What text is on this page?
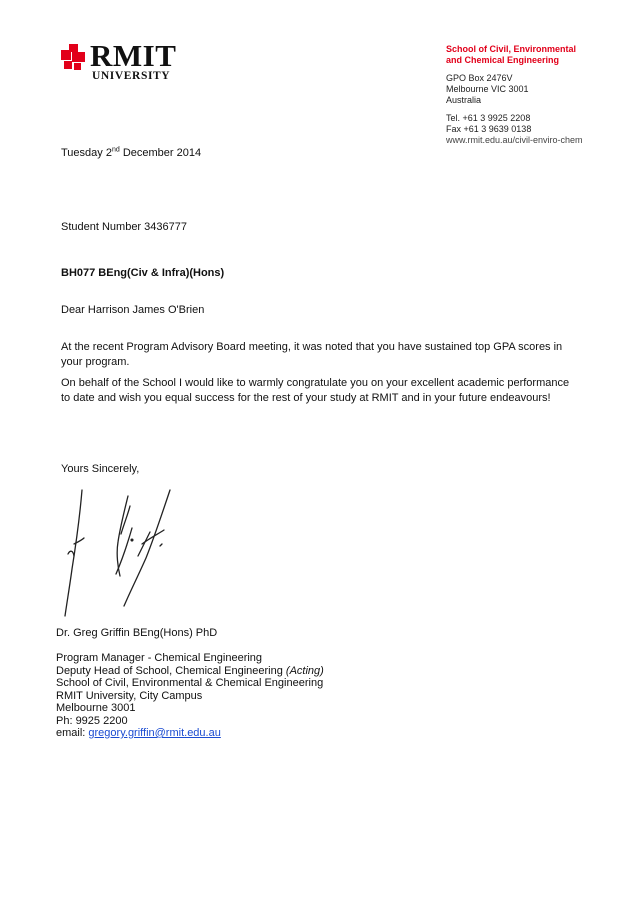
RMIT
UNIVERSITY
School of Civil, Environmental
and Chemical Engineering
GPO Box 2476V
Melbourne VIC 3001
Australia
Tel. +61 3 9925 2208
Fax +61 3 9639 0138
www.rmit.edu.au/civil-enviro-chem
Tuesday 2nd December 2014
Student Number 3436777
BH077 BEng(Civ & Infra)(Hons)
Dear Harrison James O'Brien
At the recent Program Advisory Board meeting, it was noted that you have sustained top GPA scores in your program.
On behalf of the School I would like to warmly congratulate you on your excellent academic performance to date and wish you equal success for the rest of your study at RMIT and in your future endeavours!
Yours Sincerely,
Dr. Greg Griffin BEng(Hons) PhD
Program Manager - Chemical Engineering
Deputy Head of School, Chemical Engineering (Acting)
School of Civil, Environmental & Chemical Engineering
RMIT University, City Campus
Melbourne 3001
Ph: 9925 2200
email: gregory.griffin@rmit.edu.au
